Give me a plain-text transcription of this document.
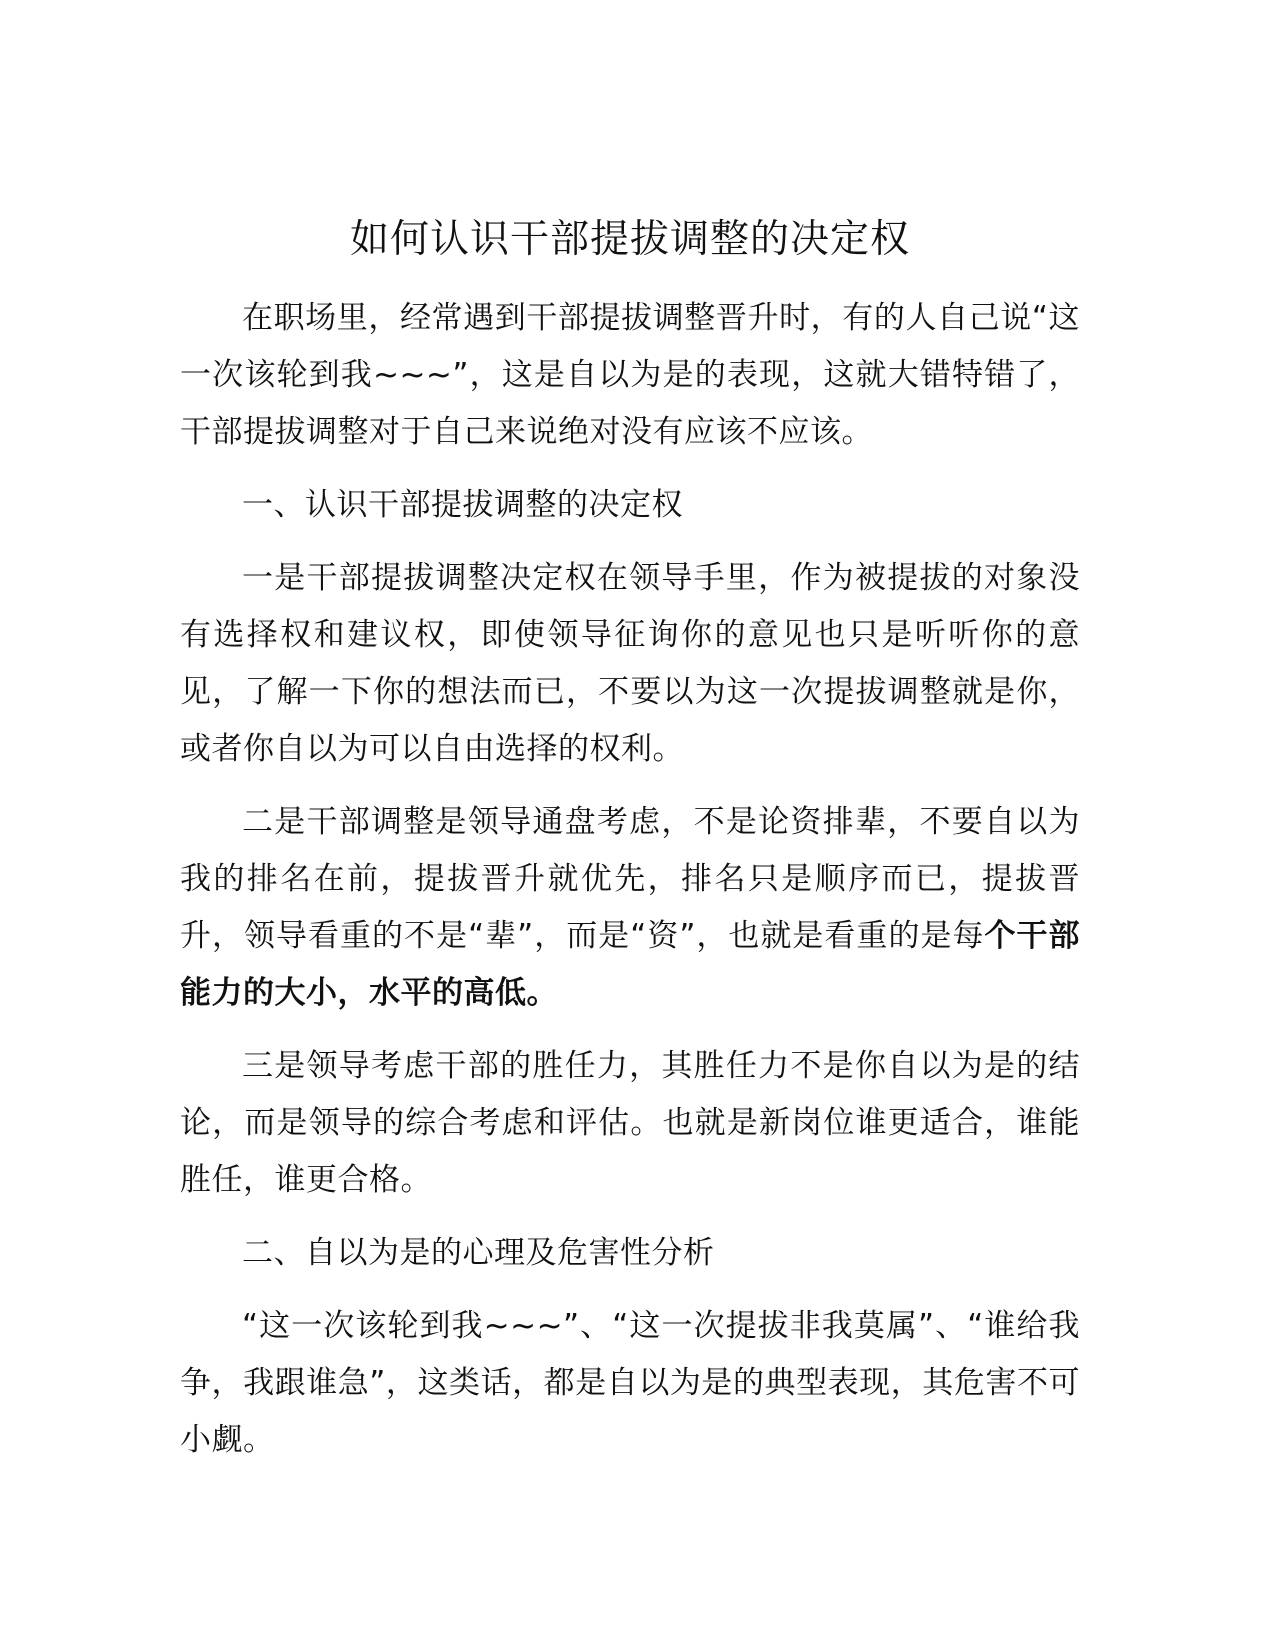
如何认识干部提拔调整的决定权

在职场里，经常遇到干部提拔调整晋升时，有的人自己说“这一次该轮到我~~~”，这是自以为是的表现，这就大错特错了，干部提拔调整对于自己来说绝对没有应该不应该。

一、认识干部提拔调整的决定权

一是干部提拔调整决定权在领导手里，作为被提拔的对象没有选择权和建议权，即使领导征询你的意见也只是听听你的意见，了解一下你的想法而已，不要以为这一次提拔调整就是你，或者你自以为可以自由选择的权利。

二是干部调整是领导通盘考虑，不是论资排辈，不要自以为我的排名在前，提拔晋升就优先，排名只是顺序而已，提拔晋升，领导看重的不是“辈”，而是“资”，也就是看重的是每个干部能力的大小，水平的高低。

三是领导考虑干部的胜任力，其胜任力不是你自以为是的结论，而是领导的综合考虑和评估。也就是新岗位谁更适合，谁能胜任，谁更合格。

二、自以为是的心理及危害性分析

“这一次该轮到我~~~”、“这一次提拔非我莫属”、“谁给我争，我跟谁急”，这类话，都是自以为是的典型表现，其危害不可小觑。
